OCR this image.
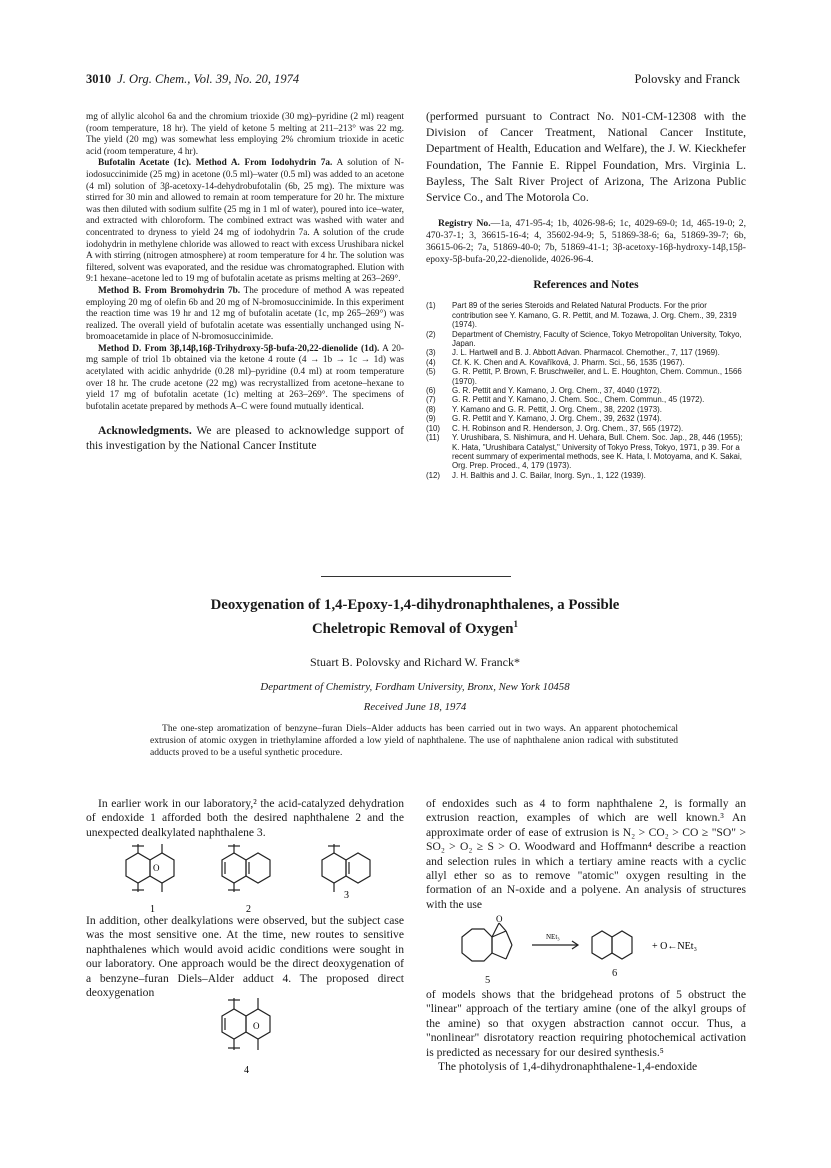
3010 J. Org. Chem., Vol. 39, No. 20, 1974	Polovsky and Franck

mg of allylic alcohol 6a and the chromium trioxide (30 mg)–pyridine (2 ml) reagent (room temperature, 18 hr). The yield of ketone 5 melting at 211–213° was 22 mg. The yield (20 mg) was somewhat less employing 2% chromium trioxide in acetic acid (room temperature, 4 hr).

Bufotalin Acetate (1c). Method A. From Iodohydrin 7a. A solution of N-iodosuccinimide (25 mg) in acetone (0.5 ml)–water (0.5 ml) was added to an acetone (4 ml) solution of 3β-acetoxy-14-dehydrobufotalin (6b, 25 mg). The mixture was stirred for 30 min and allowed to remain at room temperature for 20 hr. The mixture was then diluted with sodium sulfite (25 mg in 1 ml of water), poured into ice–water, and extracted with chloroform. The combined extract was washed with water and concentrated to dryness to yield 24 mg of iodohydrin 7a. A solution of the crude iodohydrin in methylene chloride was allowed to react with excess Urushibara nickel A with stirring (nitrogen atmosphere) at room temperature for 4 hr. The solution was filtered, solvent was evaporated, and the residue was chromatographed. Elution with 9:1 hexane–acetone led to 19 mg of bufotalin acetate as prisms melting at 263–269°.

Method B. From Bromohydrin 7b. The procedure of method A was repeated employing 20 mg of olefin 6b and 20 mg of N-bromosuccinimide. In this experiment the reaction time was 19 hr and 12 mg of bufotalin acetate (1c, mp 265–269°) was realized. The overall yield of bufotalin acetate was essentially unchanged using N-bromoacetamide in place of N-bromosuccinimide.

Method D. From 3β,14β,16β-Trihydroxy-5β-bufa-20,22-dienolide (1d). A 20-mg sample of triol 1b obtained via the ketone 4 route (4 → 1b → 1c → 1d) was acetylated with acidic anhydride (0.28 ml)–pyridine (0.4 ml) at room temperature over 18 hr. The crude acetone (22 mg) was recrystallized from acetone–hexane to yield 17 mg of bufotalin acetate (1c) melting at 263–269°. The specimens of bufotalin acetate prepared by methods A–C were found mutually identical.

Acknowledgments. We are pleased to acknowledge support of this investigation by the National Cancer Institute

(performed pursuant to Contract No. N01-CM-12308 with the Division of Cancer Treatment, National Cancer Institute, Department of Health, Education and Welfare), the J. W. Kieckhefer Foundation, The Fannie E. Rippel Foundation, Mrs. Virginia L. Bayless, The Salt River Project of Arizona, The Arizona Public Service Co., and The Motorola Co.

Registry No.—1a, 471-95-4; 1b, 4026-98-6; 1c, 4029-69-0; 1d, 465-19-0; 2, 470-37-1; 3, 36615-16-4; 4, 35602-94-9; 5, 51869-38-6; 6a, 51869-39-7; 6b, 36615-06-2; 7a, 51869-40-0; 7b, 51869-41-1; 3β-acetoxy-16β-hydroxy-14β,15β-epoxy-5β-bufa-20,22-dienolide, 4026-96-4.

References and Notes

(1) Part 89 of the series Steroids and Related Natural Products. For the prior contribution see Y. Kamano, G. R. Pettit, and M. Tozawa, J. Org. Chem., 39, 2319 (1974).

(2) Department of Chemistry, Faculty of Science, Tokyo Metropolitan University, Tokyo, Japan.

(3) J. L. Hartwell and B. J. Abbott Advan. Pharmacol. Chemother., 7, 117 (1969).

(4) Cf. K. K. Chen and A. Kovaříková, J. Pharm. Sci., 56, 1535 (1967).

(5) G. R. Pettit, P. Brown, F. Bruschweiler, and L. E. Houghton, Chem. Commun., 1566 (1970).

(6) G. R. Pettit and Y. Kamano, J. Org. Chem., 37, 4040 (1972).

(7) G. R. Pettit and Y. Kamano, J. Chem. Soc., Chem. Commun., 45 (1972).

(8) Y. Kamano and G. R. Pettit, J. Org. Chem., 38, 2202 (1973).

(9) G. R. Pettit and Y. Kamano, J. Org. Chem., 39, 2632 (1974).

(10) C. H. Robinson and R. Henderson, J. Org. Chem., 37, 565 (1972).

(11) Y. Urushibara, S. Nishimura, and H. Uehara, Bull. Chem. Soc. Jap., 28, 446 (1955); K. Hata, "Urushibara Catalyst," University of Tokyo Press, Tokyo, 1971, p 39. For a recent summary of experimental methods, see K. Hata, I. Motoyama, and K. Sakai, Org. Prep. Proced., 4, 179 (1973).

(12) J. H. Balthis and J. C. Bailar, Inorg. Syn., 1, 122 (1939).

Deoxygenation of 1,4-Epoxy-1,4-dihydronaphthalenes, a Possible
Cheletropic Removal of Oxygen$^1$
Stuart B. Polovsky and Richard W. Franck*
Department of Chemistry, Fordham University, Bronx, New York 10458
Received June 18, 1974
The one-step aromatization of benzyne–furan Diels–Alder adducts has been carried out in two ways. An apparent photochemical extrusion of atomic oxygen in triethylamine afforded a low yield of naphthalene. The use of naphthalene anion radical with substituted adducts proved to be a useful synthetic procedure.

In earlier work in our laboratory,² the acid-catalyzed dehydration of endoxide 1 afforded both the desired naphthalene 2 and the unexpected dealkylated naphthalene 3.

O
1	2
3

In addition, other dealkylations were observed, but the subject case was the most sensitive one. At the time, new routes to sensitive naphthalenes which would avoid acidic conditions were sought in our laboratory. One approach would be the direct deoxygenation of a benzyne–furan Diels–Alder adduct 4. The proposed direct deoxygenation

O
4

of endoxides such as 4 to form naphthalene 2, is formally an extrusion reaction, examples of which are well known.³ An approximate order of ease of extrusion is N₂ > CO₂ > CO ≥ "SO" > SO₂ > O₂ ≥ S > O. Woodward and Hoffmann⁴ describe a reaction and selection rules in which a tertiary amine reacts with a cyclic allyl ether so as to remove "atomic" oxygen resulting in the formation of an N-oxide and a polyene. An analysis of structures with the use

O
NEt₃
+ O←NEt₃
5
6

of models shows that the bridgehead protons of 5 obstruct the "linear" approach of the tertiary amine (one of the alkyl groups of the amine) so that oxygen abstraction cannot occur. Thus, a "nonlinear" disrotatory reaction requiring photochemical activation is predicted as necessary for our desired synthesis.⁵

The photolysis of 1,4-dihydronaphthalene-1,4-endoxide
